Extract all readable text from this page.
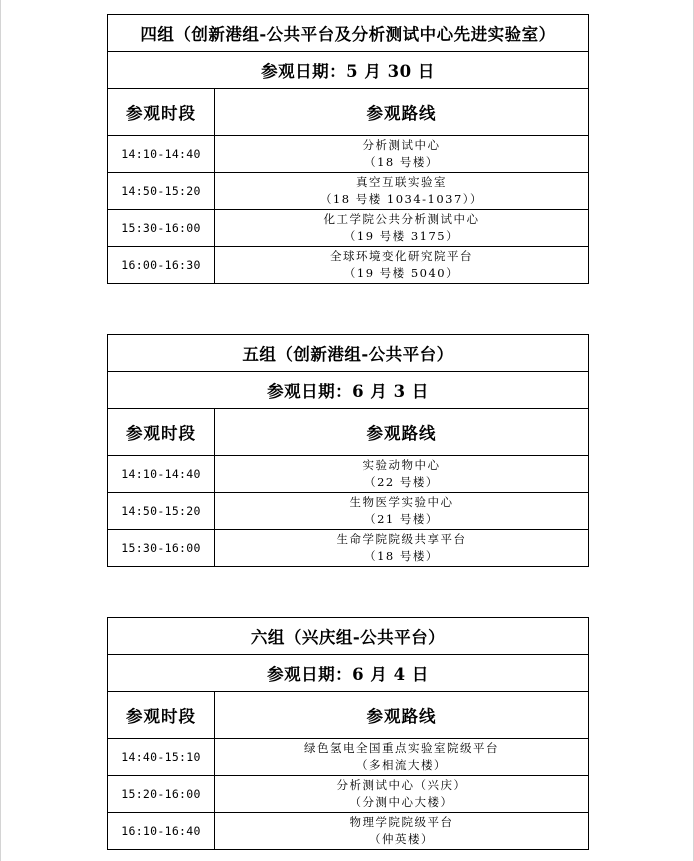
四组（创新港组-公共平台及分析测试中心先进实验室）	
参观日期：5 月 30 日	
参观时段	参观路线
14:10-14:40	分析测试中心
（18 号楼）

14:50-15:20	真空互联实验室
（18 号楼 1034-1037））

15:30-16:00	化工学院公共分析测试中心
（19 号楼 3175）

16:00-16:30	全球环境变化研究院平台
（19 号楼 5040）
五组（创新港组-公共平台）	
参观日期：6 月 3 日	
参观时段	参观路线
14:10-14:40	实验动物中心
（22 号楼）

14:50-15:20	生物医学实验中心
（21 号楼）

15:30-16:00	生命学院院级共享平台
（18 号楼）
六组（兴庆组-公共平台）	
参观日期：6 月 4 日	
参观时段	参观路线
14:40-15:10	绿色氢电全国重点实验室院级平台
（多相流大楼）

15:20-16:00	分析测试中心（兴庆）
（分测中心大楼）

16:10-16:40	物理学院院级平台
（仲英楼）
